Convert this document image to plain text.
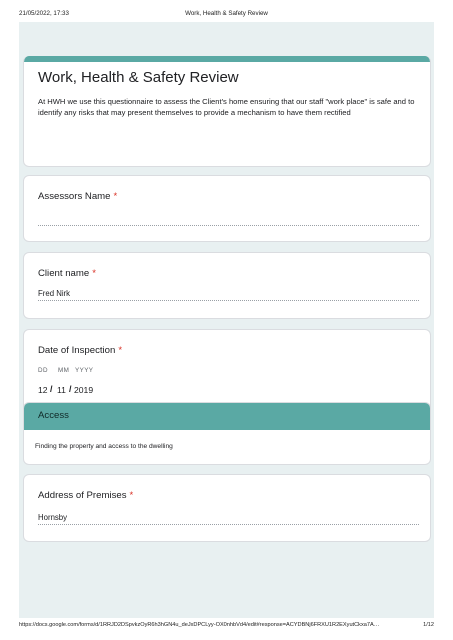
21/05/2022, 17:33	Work, Health & Safety Review
Work, Health & Safety Review
At HWH we use this questionnaire to assess the Client's home ensuring that our staff "work place" is safe and to identify any risks that may present themselves to provide a mechanism to have them rectified
Assessors Name *
Client name *
Fred Nirk
Date of Inspection *
DD MM YYYY
12 / 11 / 2019
Access
Finding the property and access to the dwelling
Address of Premises *
Hornsby
https://docs.google.com/forms/d/1RRJD2DSpvkzOyR6h3hGN4u_deJxDPCLyy-OX0nhbVd4/edit#response=ACYDBNj6FRXU1R2EXyutCkxa7A…	1/12
